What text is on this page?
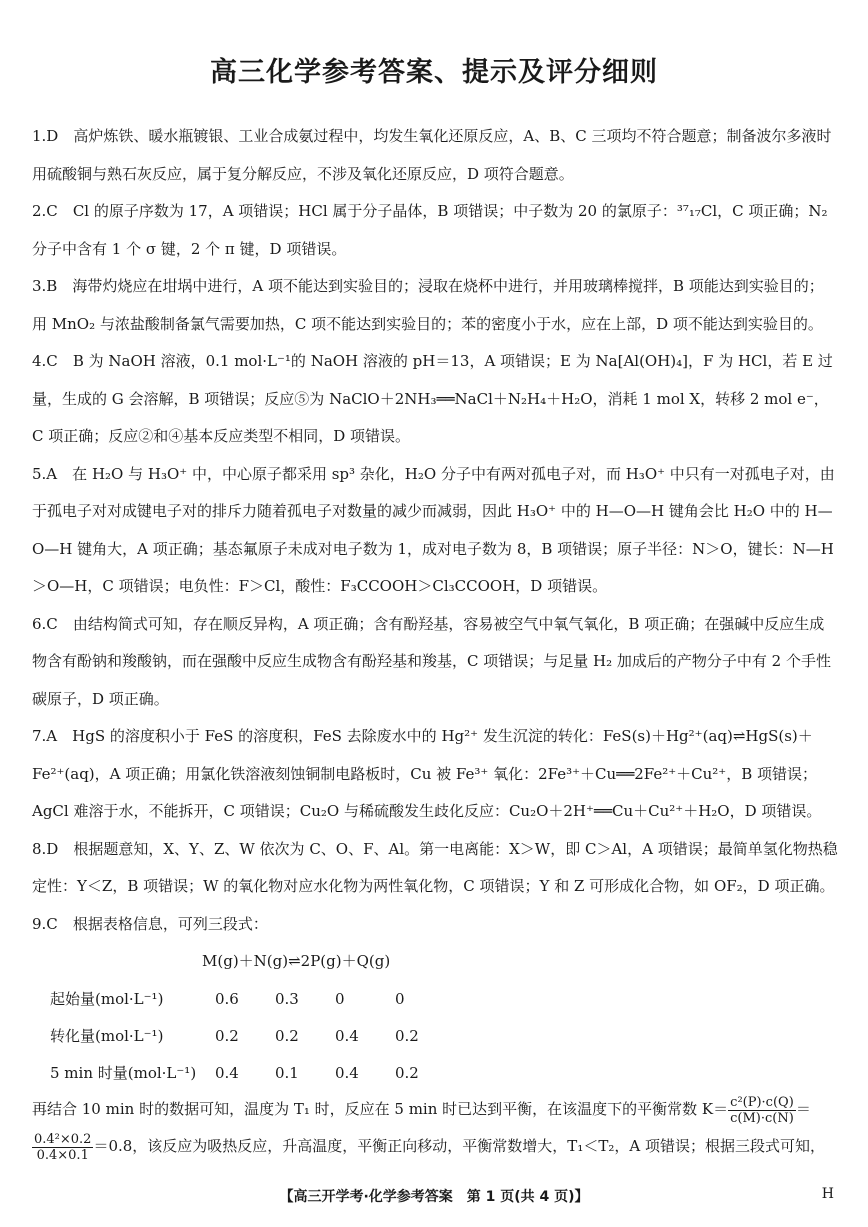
高三化学参考答案、提示及评分细则
1.D　 高炉炼铁、暖水瓶镀银、工业合成氨过程中，均发生氧化还原反应，A、B、C 三项均不符合题意；制备波尔多液时用硫酸铜与熟石灰反应，属于复分解反应，不涉及氧化还原反应，D 项符合题意。
2.C　 Cl 的原子序数为 17，A 项错误；HCl 属于分子晶体，B 项错误；中子数为 20 的氯原子：³⁷₁₇Cl，C 项正确；N₂ 分子中含有 1 个 σ 键，2 个 π 键，D 项错误。
3.B　 海带灼烧应在坩埚中进行，A 项不能达到实验目的；浸取在烧杯中进行，并用玻璃棒搅拌，B 项能达到实验目的；用 MnO₂ 与浓盐酸制备氯气需要加热，C 项不能达到实验目的；苯的密度小于水，应在上部，D 项不能达到实验目的。
4.C　 B 为 NaOH 溶液，0.1 mol·L⁻¹的 NaOH 溶液的 pH＝13，A 项错误；E 为 Na[Al(OH)₄]，F 为 HCl，若 E 过量，生成的 G 会溶解，B 项错误；反应⑤为 NaClO＋2NH₃══NaCl＋N₂H₄＋H₂O，消耗 1 mol X，转移 2 mol e⁻，C 项正确；反应②和④基本反应类型不相同，D 项错误。
5.A　 在 H₂O 与 H₃O⁺ 中，中心原子都采用 sp³ 杂化，H₂O 分子中有两对孤电子对，而 H₃O⁺ 中只有一对孤电子对，由于孤电子对对成键电子对的排斥力随着孤电子对数量的减少而减弱，因此 H₃O⁺ 中的 H—O—H 键角会比 H₂O 中的 H—O—H 键角大，A 项正确；基态氟原子未成对电子数为 1，成对电子数为 8，B 项错误；原子半径：N＞O，键长：N—H＞O—H，C 项错误；电负性：F＞Cl，酸性：F₃CCOOH＞Cl₃CCOOH，D 项错误。
6.C　 由结构简式可知，存在顺反异构，A 项正确；含有酚羟基，容易被空气中氧气氧化，B 项正确；在强碱中反应生成物含有酚钠和羧酸钠，而在强酸中反应生成物含有酚羟基和羧基，C 项错误；与足量 H₂ 加成后的产物分子中有 2 个手性碳原子，D 项正确。
7.A　 HgS 的溶度积小于 FeS 的溶度积，FeS 去除废水中的 Hg²⁺ 发生沉淀的转化：FeS(s)＋Hg²⁺(aq)⇌HgS(s)＋Fe²⁺(aq)，A 项正确；用氯化铁溶液刻蚀铜制电路板时，Cu 被 Fe³⁺ 氧化：2Fe³⁺＋Cu══2Fe²⁺＋Cu²⁺，B 项错误；AgCl 难溶于水，不能拆开，C 项错误；Cu₂O 与稀硫酸发生歧化反应：Cu₂O＋2H⁺══Cu＋Cu²⁺＋H₂O，D 项错误。
8.D　 根据题意知，X、Y、Z、W 依次为 C、O、F、Al。第一电离能：X＞W，即 C＞Al，A 项错误；最简单氢化物热稳定性：Y＜Z，B 项错误；W 的氧化物对应水化物为两性氧化物，C 项错误；Y 和 Z 可形成化合物，如 OF₂，D 项正确。
9.C　 根据表格信息，可列三段式：
M(g)＋N(g)⇌2P(g)＋Q(g)
起始量(mol·L⁻¹)	0.6	0.3	0	0
转化量(mol·L⁻¹)	0.2	0.2	0.4	0.2
5 min 时量(mol·L⁻¹)	0.4	0.1	0.4	0.2
再结合 10 min 时的数据可知，温度为 T₁ 时，反应在 5 min 时已达到平衡，在该温度下的平衡常数 $K= \frac{\text{c²(P)·c(Q)}}{c(M)\cdot c(N)}$ ＝
$\frac{\text{0.4²×0.2}}{0.4\times 0.1} =0.8$，该反应为吸热反应，升高温度，平衡正向移动，平衡常数增大，T₁＜T₂，A 项错误；根据三段式可知，
【高三开学考·化学参考答案　第 1 页(共 4 页)】	H
